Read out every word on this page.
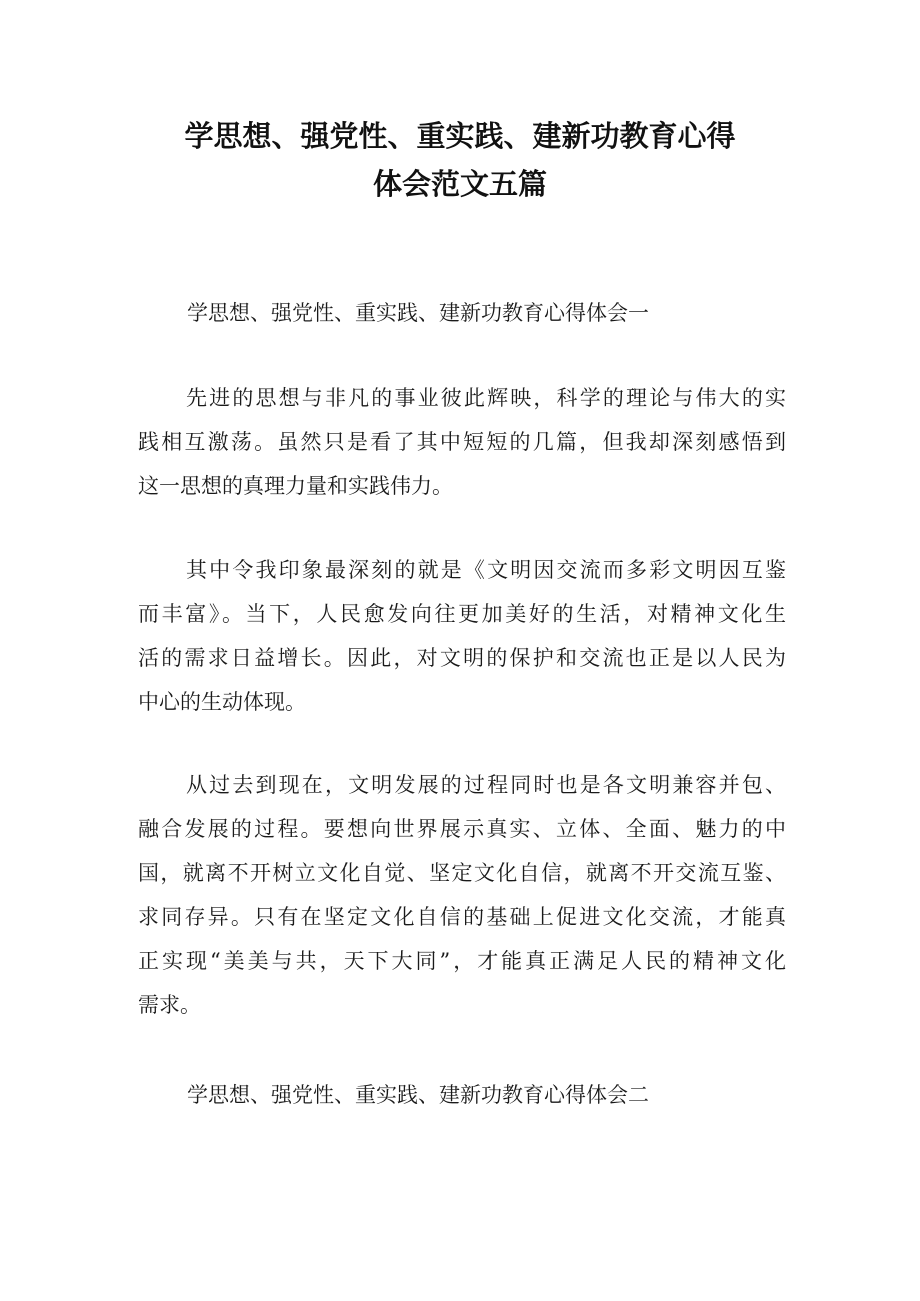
学思想、强党性、重实践、建新功教育心得
体会范文五篇
学思想、强党性、重实践、建新功教育心得体会一
先进的思想与非凡的事业彼此辉映，科学的理论与伟大的实
践相互激荡。虽然只是看了其中短短的几篇，但我却深刻感悟到
这一思想的真理力量和实践伟力。
其中令我印象最深刻的就是《文明因交流而多彩文明因互鉴
而丰富》。当下，人民愈发向往更加美好的生活，对精神文化生
活的需求日益增长。因此，对文明的保护和交流也正是以人民为
中心的生动体现。
从过去到现在，文明发展的过程同时也是各文明兼容并包、
融合发展的过程。要想向世界展示真实、立体、全面、魅力的中
国，就离不开树立文化自觉、坚定文化自信，就离不开交流互鉴、
求同存异。只有在坚定文化自信的基础上促进文化交流，才能真
正实现“美美与共，天下大同”，才能真正满足人民的精神文化
需求。
学思想、强党性、重实践、建新功教育心得体会二
